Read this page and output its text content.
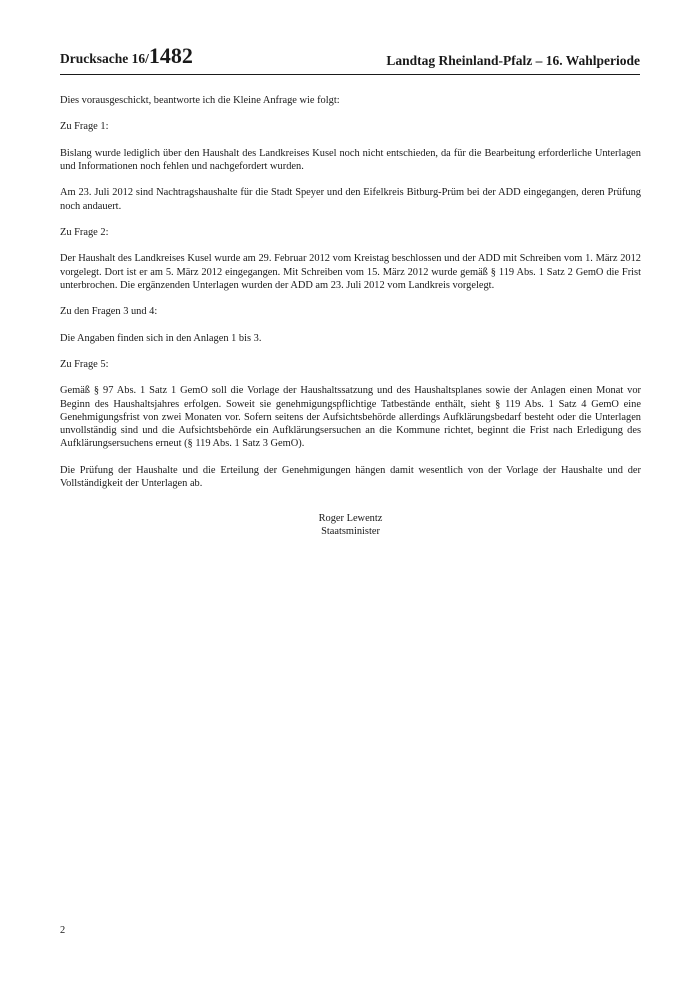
Drucksache 16/1482	Landtag Rheinland-Pfalz – 16. Wahlperiode

Dies vorausgeschickt, beantworte ich die Kleine Anfrage wie folgt:

Zu Frage 1:

Bislang wurde lediglich über den Haushalt des Landkreises Kusel noch nicht entschieden, da für die Bearbeitung erforderliche Unterlagen und Informationen noch fehlen und nachgefordert wurden.

Am 23. Juli 2012 sind Nachtragshaushalte für die Stadt Speyer und den Eifelkreis Bitburg-Prüm bei der ADD eingegangen, deren Prüfung noch andauert.

Zu Frage 2:

Der Haushalt des Landkreises Kusel wurde am 29. Februar 2012 vom Kreistag beschlossen und der ADD mit Schreiben vom 1. März 2012 vorgelegt. Dort ist er am 5. März 2012 eingegangen. Mit Schreiben vom 15. März 2012 wurde gemäß § 119 Abs. 1 Satz 2 GemO die Frist unterbrochen. Die ergänzenden Unterlagen wurden der ADD am 23. Juli 2012 vom Landkreis vorgelegt.

Zu den Fragen 3 und 4:

Die Angaben finden sich in den Anlagen 1 bis 3.

Zu Frage 5:

Gemäß § 97 Abs. 1 Satz 1 GemO soll die Vorlage der Haushaltssatzung und des Haushaltsplanes sowie der Anlagen einen Monat vor Beginn des Haushaltsjahres erfolgen. Soweit sie genehmigungspflichtige Tatbestände enthält, sieht § 119 Abs. 1 Satz 4 GemO eine Genehmigungsfrist von zwei Monaten vor. Sofern seitens der Aufsichtsbehörde allerdings Aufklärungsbedarf besteht oder die Unterlagen unvollständig sind und die Aufsichtsbehörde ein Aufklärungsersuchen an die Kommune richtet, beginnt die Frist nach Erledigung des Aufklärungsersuchens erneut (§ 119 Abs. 1 Satz 3 GemO).

Die Prüfung der Haushalte und die Erteilung der Genehmigungen hängen damit wesentlich von der Vorlage der Haushalte und der Vollständigkeit der Unterlagen ab.

Roger Lewentz
Staatsminister
2
